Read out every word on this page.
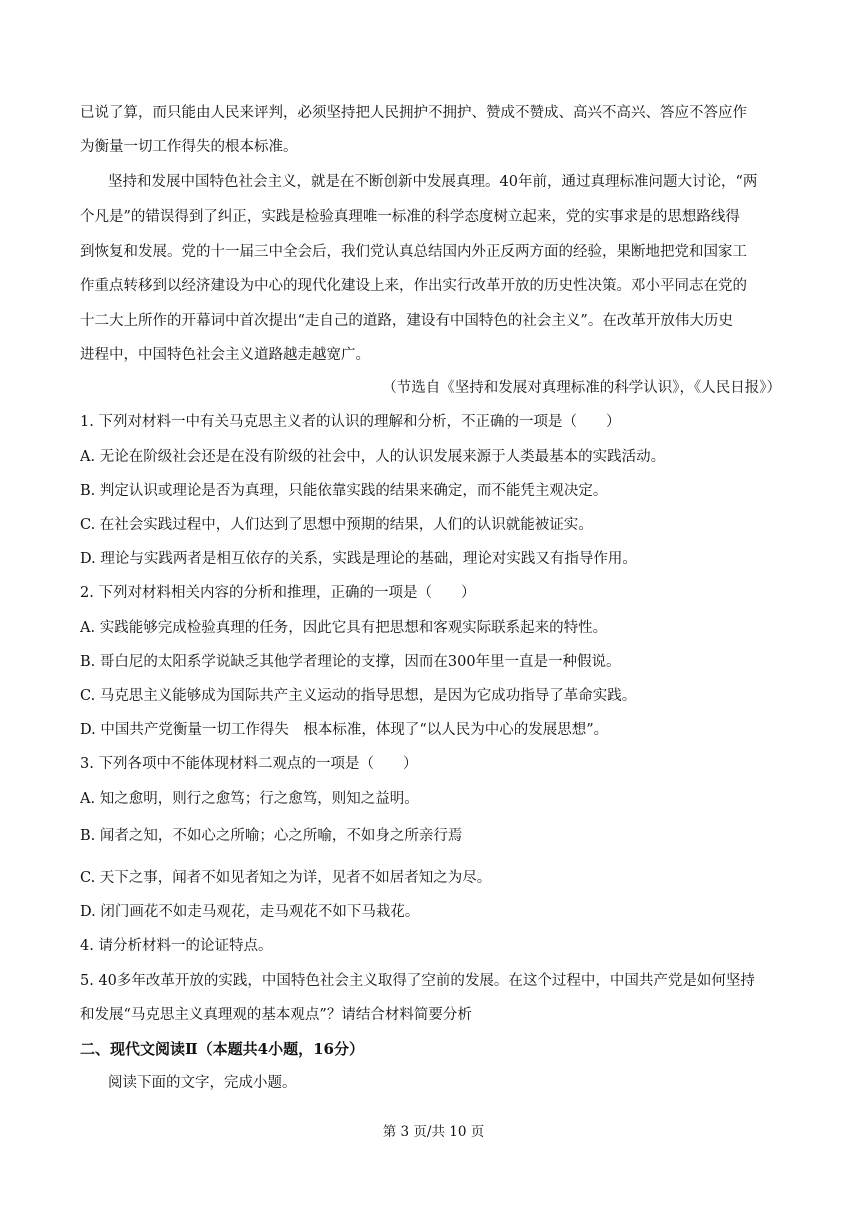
已说了算，而只能由人民来评判，必须坚持把人民拥护不拥护、赞成不赞成、高兴不高兴、答应不答应作
为衡量一切工作得失的根本标准。
坚持和发展中国特色社会主义，就是在不断创新中发展真理。40年前，通过真理标准问题大讨论，“两
个凡是”的错误得到了纠正，实践是检验真理唯一标准的科学态度树立起来，党的实事求是的思想路线得
到恢复和发展。党的十一届三中全会后，我们党认真总结国内外正反两方面的经验，果断地把党和国家工
作重点转移到以经济建设为中心的现代化建设上来，作出实行改革开放的历史性决策。邓小平同志在党的
十二大上所作的开幕词中首次提出“走自己的道路，建设有中国特色的社会主义”。在改革开放伟大历史
进程中，中国特色社会主义道路越走越宽广。
（节选自《坚持和发展对真理标准的科学认识》，《人民日报》）
1. 下列对材料一中有关马克思主义者的认识的理解和分析，不正确的一项是（　　）
A. 无论在阶级社会还是在没有阶级的社会中，人的认识发展来源于人类最基本的实践活动。
B. 判定认识或理论是否为真理，只能依靠实践的结果来确定，而不能凭主观决定。
C. 在社会实践过程中，人们达到了思想中预期的结果，人们的认识就能被证实。
D. 理论与实践两者是相互依存的关系，实践是理论的基础，理论对实践又有指导作用。
2. 下列对材料相关内容的分析和推理，正确的一项是（　　）
A. 实践能够完成检验真理的任务，因此它具有把思想和客观实际联系起来的特性。
B. 哥白尼的太阳系学说缺乏其他学者理论的支撑，因而在300年里一直是一种假说。
C. 马克思主义能够成为国际共产主义运动的指导思想，是因为它成功指导了革命实践。
D. 中国共产党衡量一切工作得失　根本标准，体现了“以人民为中心的发展思想”。
3. 下列各项中不能体现材料二观点的一项是（　　）
A. 知之愈明，则行之愈笃；行之愈笃，则知之益明。
B. 闻者之知，不如心之所喻；心之所喻，不如身之所亲行焉
C. 天下之事，闻者不如见者知之为详，见者不如居者知之为尽。
D. 闭门画花不如走马观花，走马观花不如下马栽花。
4. 请分析材料一的论证特点。
5. 40多年改革开放的实践，中国特色社会主义取得了空前的发展。在这个过程中，中国共产党是如何坚持
和发展“马克思主义真理观的基本观点”？请结合材料简要分析
二、现代文阅读Ⅱ（本题共4小题，16分）
阅读下面的文字，完成小题。
第 3 页/共 10 页
